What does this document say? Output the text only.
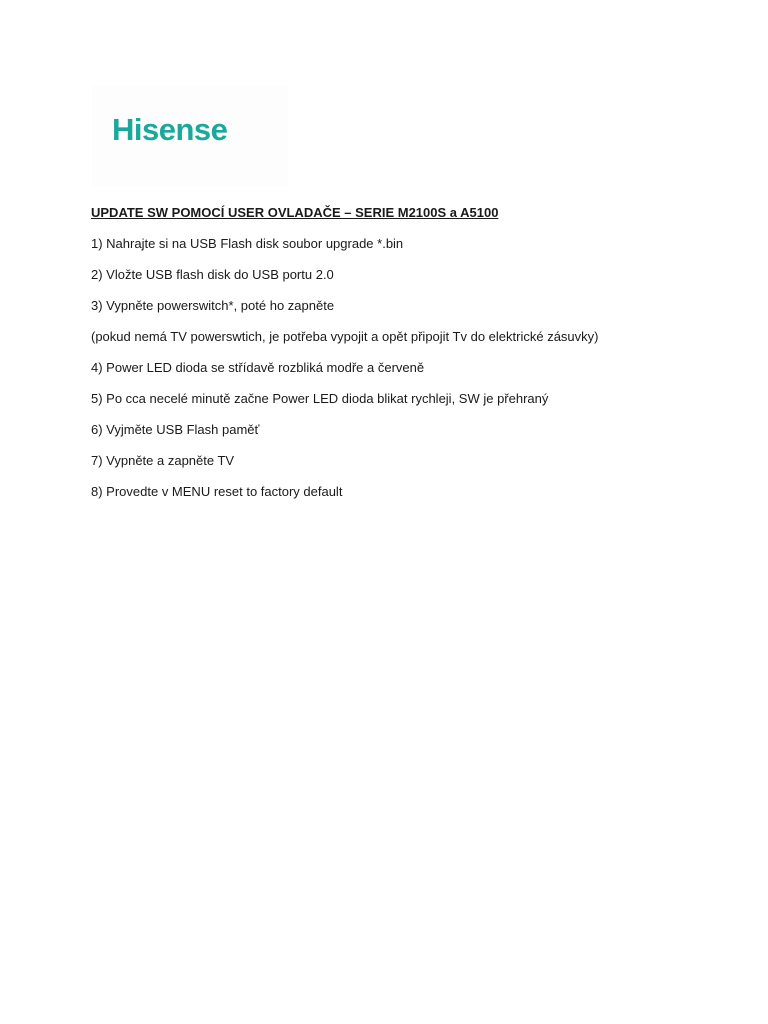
Hisense

UPDATE SW POMOCÍ USER OVLADAČE – SERIE M2100S a A5100

1) Nahrajte si na USB Flash disk soubor upgrade *.bin

2) Vložte USB flash disk do USB portu 2.0

3) Vypněte powerswitch*, poté ho zapněte

(pokud nemá TV powerswtich, je potřeba vypojit a opět připojit Tv do elektrické zásuvky)

4) Power LED dioda se střídavě rozbliká modře a červeně

5) Po cca necelé minutě začne Power LED dioda blikat rychleji, SW je přehraný

6) Vyjměte USB Flash paměť

7) Vypněte a zapněte TV

8) Provedte v MENU reset to factory default
